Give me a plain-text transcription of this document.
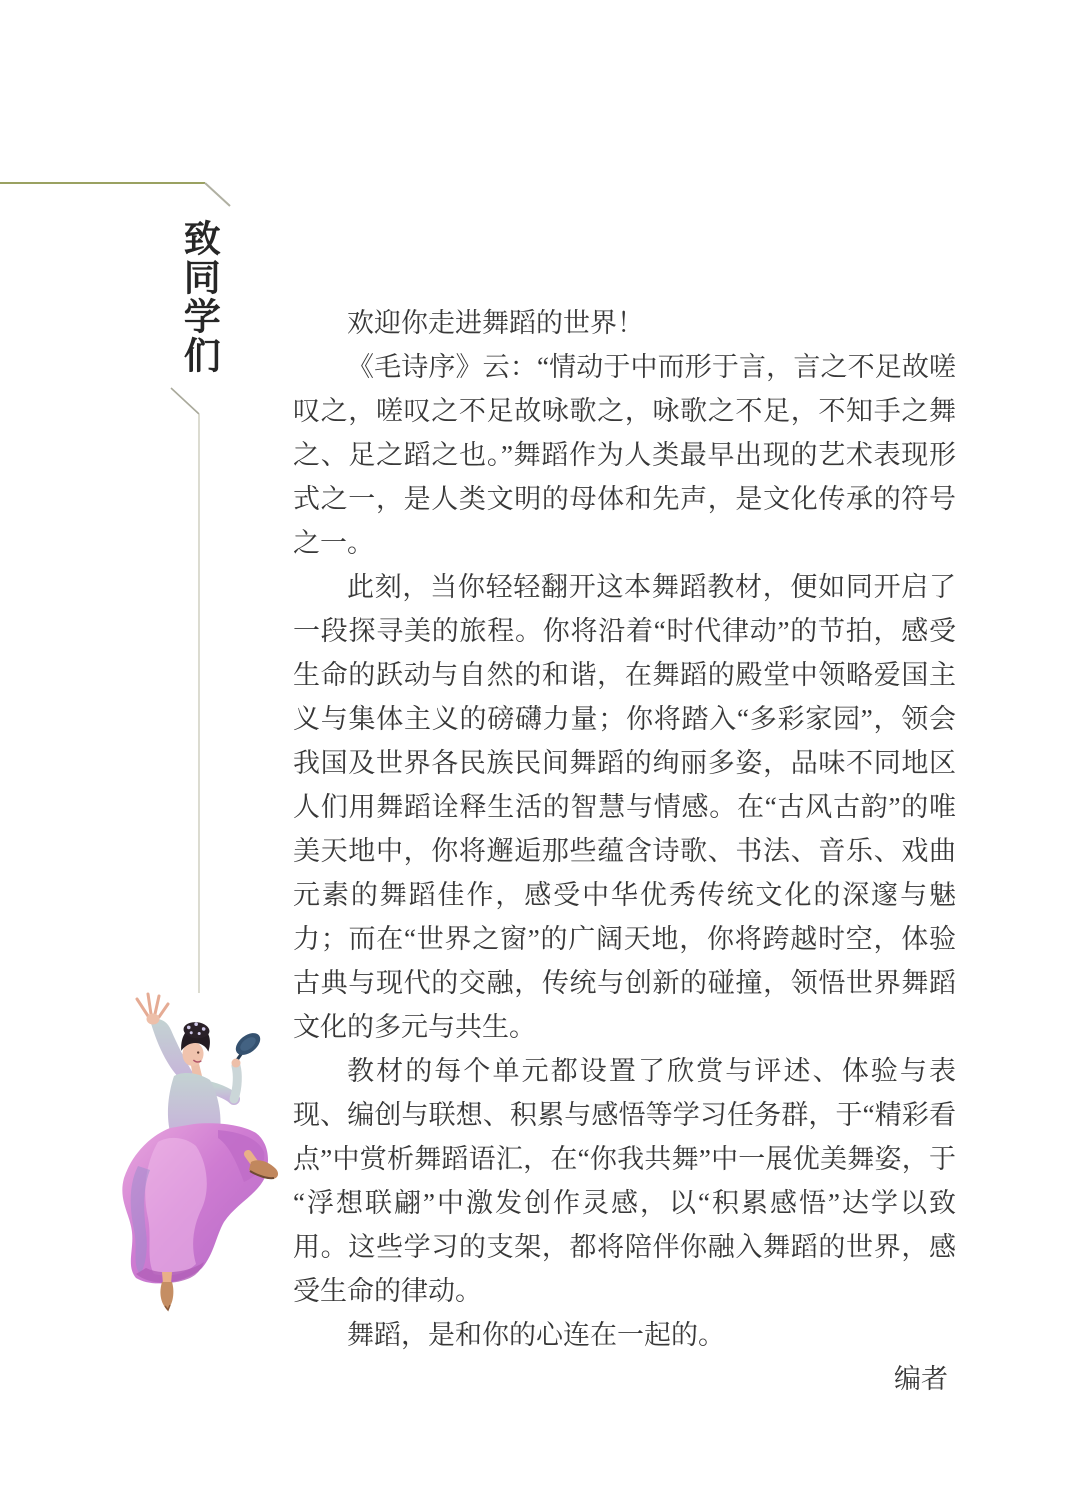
致同学们	欢迎你走进舞蹈的世界！

《毛诗序》云：“情动于中而形于言，言之不足故嗟叹之，嗟叹之不足故咏歌之，咏歌之不足，不知手之舞之、足之蹈之也。”舞蹈作为人类最早出现的艺术表现形式之一，是人类文明的母体和先声，是文化传承的符号之一。

此刻，当你轻轻翻开这本舞蹈教材，便如同开启了一段探寻美的旅程。你将沿着“时代律动”的节拍，感受生命的跃动与自然的和谐，在舞蹈的殿堂中领略爱国主义与集体主义的磅礴力量；你将踏入“多彩家园”，领会我国及世界各民族民间舞蹈的绚丽多姿，品味不同地区人们用舞蹈诠释生活的智慧与情感。在“古风古韵”的唯美天地中，你将邂逅那些蕴含诗歌、书法、音乐、戏曲元素的舞蹈佳作，感受中华优秀传统文化的深邃与魅力；而在“世界之窗”的广阔天地，你将跨越时空，体验古典与现代的交融，传统与创新的碰撞，领悟世界舞蹈文化的多元与共生。

教材的每个单元都设置了欣赏与评述、体验与表现、编创与联想、积累与感悟等学习任务群，于“精彩看点”中赏析舞蹈语汇，在“你我共舞”中一展优美舞姿，于“浮想联翩”中激发创作灵感，以“积累感悟”达学以致用。这些学习的支架，都将陪伴你融入舞蹈的世界，感受生命的律动。

舞蹈，是和你的心连在一起的。

编者
